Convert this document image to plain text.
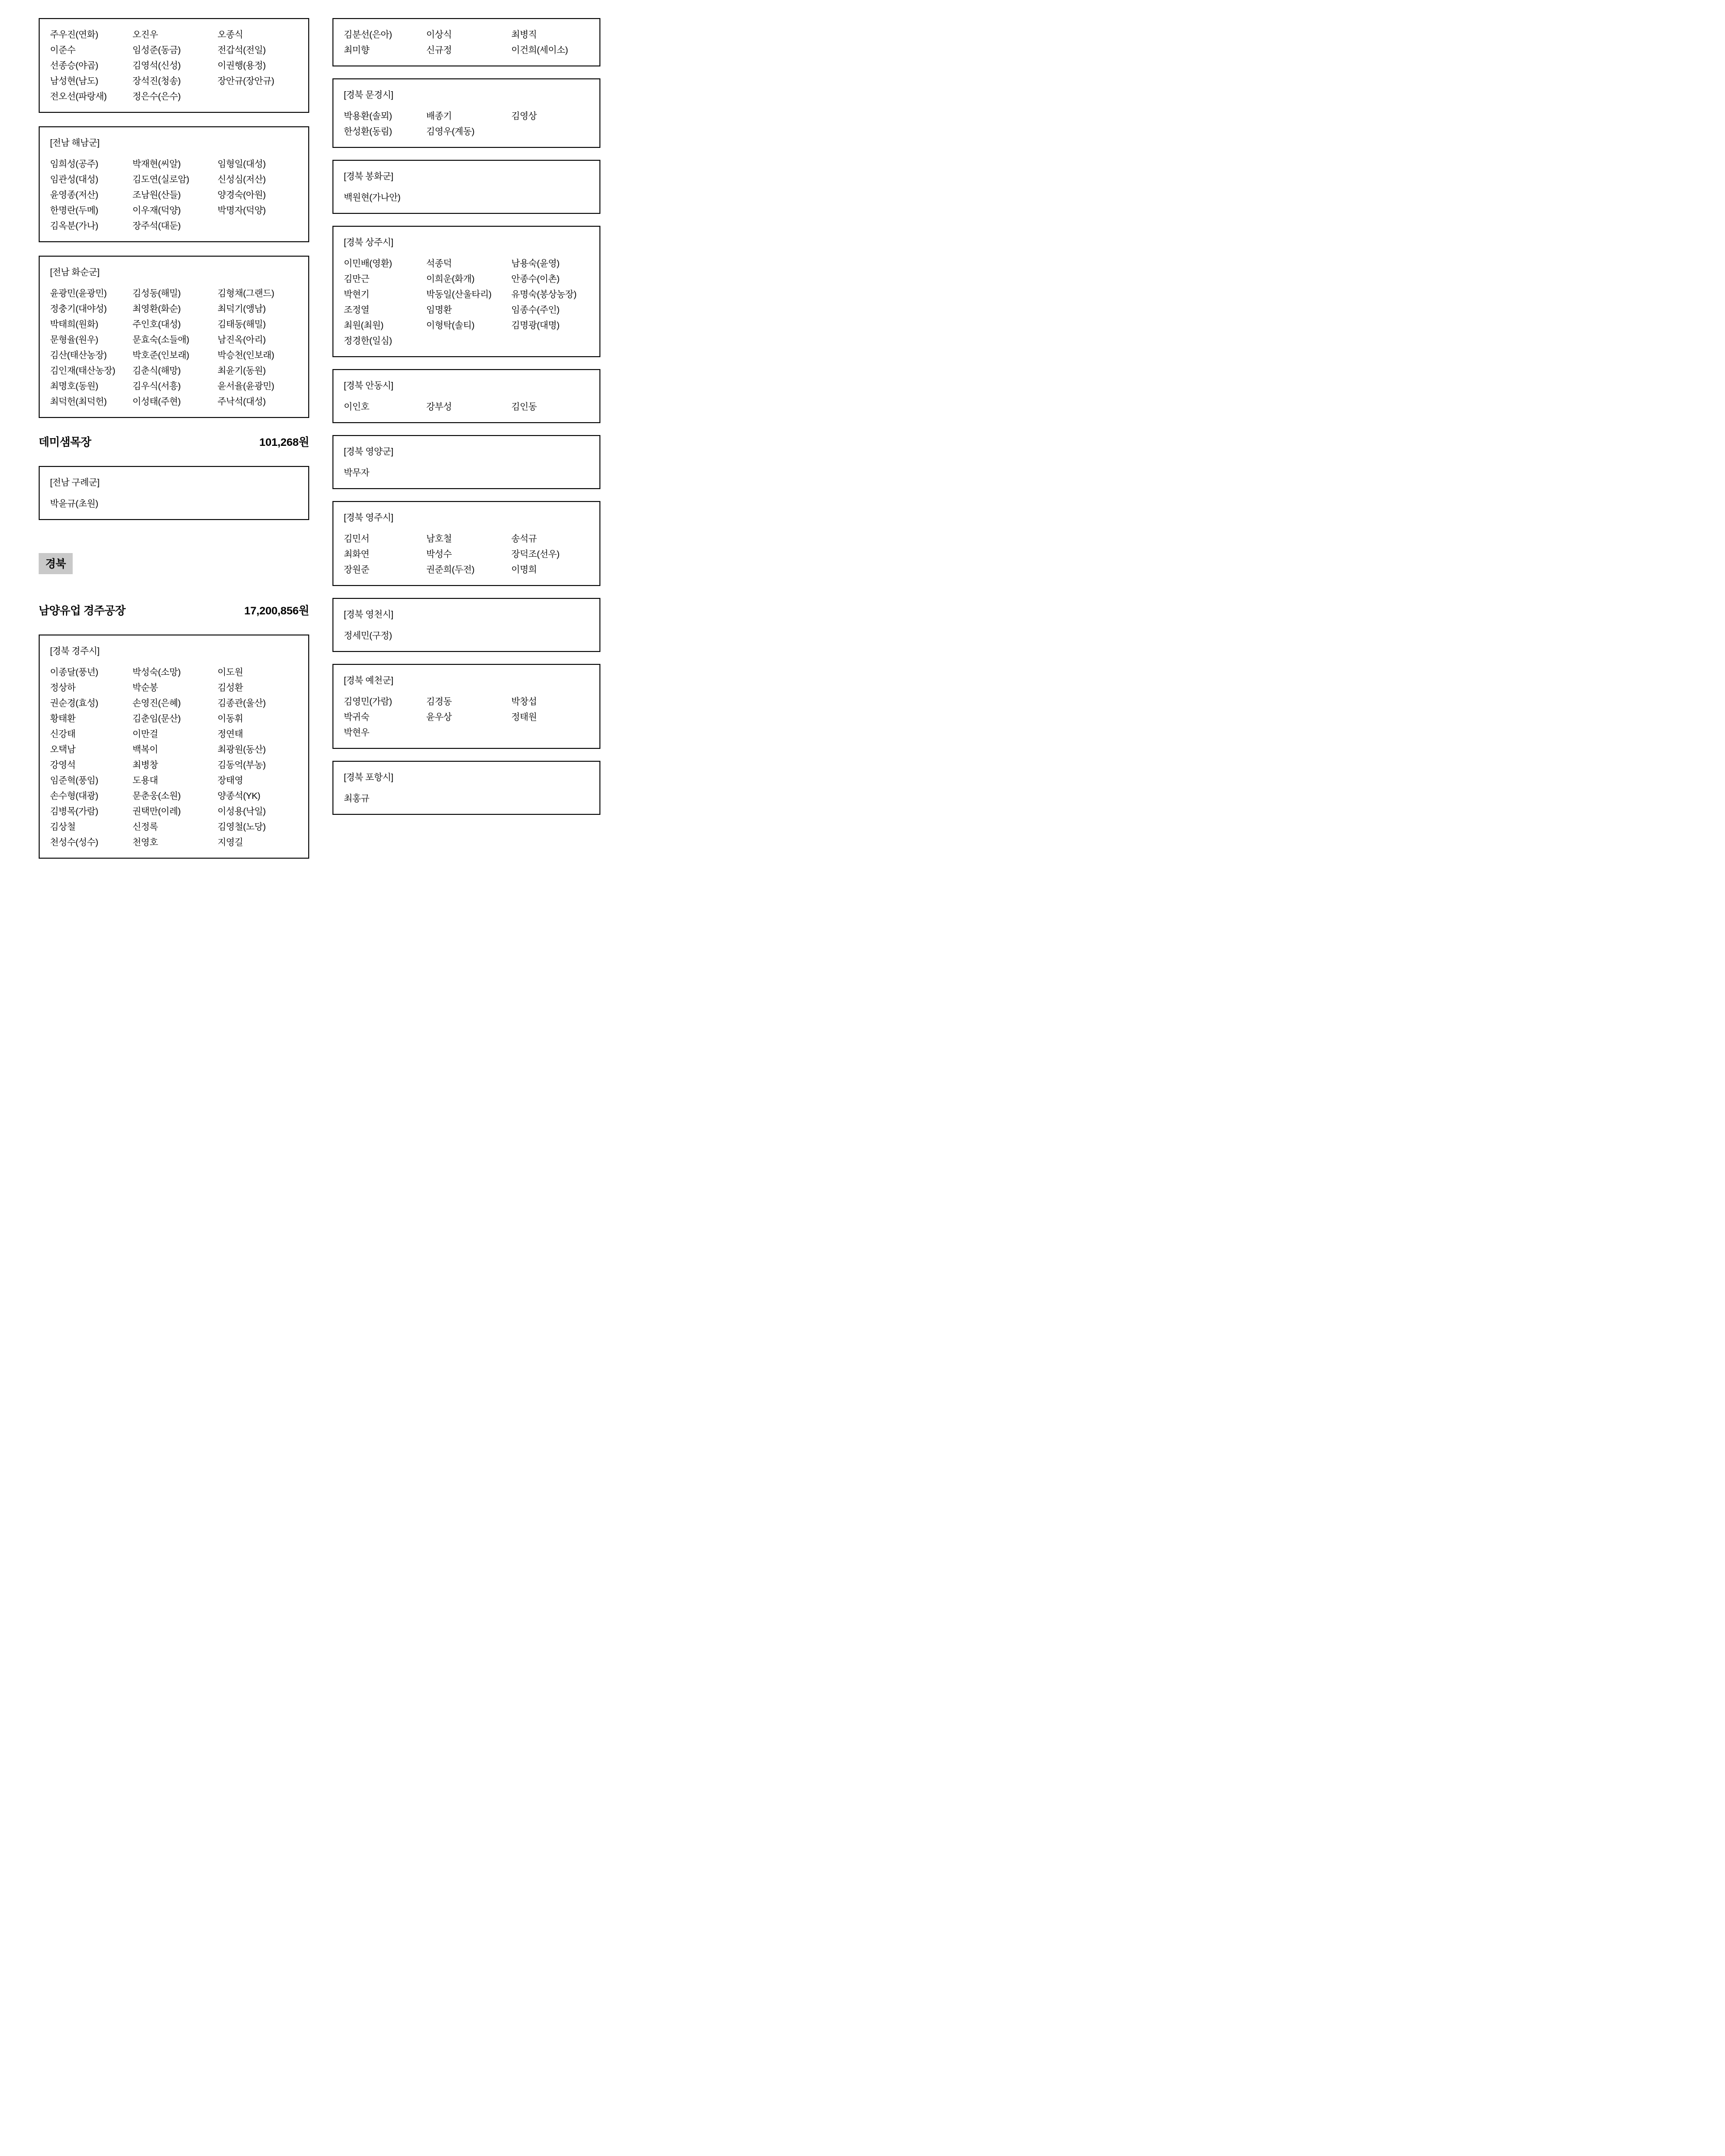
주우진(연화)	오진우	오종식
이준수	임성준(동금)	전갑석(전일)
선종승(야곱)	김영석(신성)	이권행(용정)
남성현(남도)	장석진(청송)	장안규(장안규)
전오선(파랑새)	정은수(은수)
[전남 해남군]
임희성(공주)	박재현(씨알)	임형일(대성)
임관성(대성)	김도연(실로암)	신성심(저산)
윤영종(저산)	조남원(산들)	양경숙(아원)
한명란(두메)	이우재(덕양)	박명자(덕양)
김옥분(가나)	장주석(대둔)
[전남 화순군]
윤광민(윤광민)	김성동(해밀)	김형채(그랜드)
정충기(대야성)	최영환(화순)	최덕기(앵남)
박태희(원화)	주인호(대성)	김태동(해밀)
문형율(원우)	문효숙(소들애)	남진옥(아리)
김산(태산농장)	박호준(인보래)	박승천(인보래)
김인재(태산농장)	김춘식(해망)	최윤기(동원)
최명호(동원)	김우식(서흥)	윤서율(윤광민)
최덕헌(최덕헌)	이성태(주현)	주낙석(대성)
데미샘목장	101,268원
[전남 구례군]
박윤규(초원)
경북
남양유업 경주공장	17,200,856원
[경북 경주시]
이종달(풍년)	박성숙(소망)	이도원
정상하	박순봉	김성환
권순경(효성)	손영진(은혜)	김종관(울산)
황태환	김춘임(문산)	이동휘
신강태	이만걸	정연태
오택남	백복이	최광원(동산)
강영석	최병창	김동억(부농)
임준혁(풍임)	도용대	장태영
손수형(대광)	문춘웅(소원)	양종석(YK)
김병목(가람)	권택만(이레)	이성용(낙일)
김상철	신정록	김영철(노당)
천성수(성수)	천영호	지영길
김분선(은아)	이상식	최병직
최미향	신규정	이건희(세이소)
[경북 문경시]
박용환(솔뫼)	배종기	김영상
한성환(동림)	김영우(계동)
[경북 봉화군]
백원현(가나안)
[경북 상주시]
이민배(영환)	석종덕	남용숙(윤영)
김만근	이희운(화개)	안종수(이촌)
박현기	박동일(산울타리)	유명숙(봉상농장)
조정열	임명환	임종수(주인)
최원(최원)	이형탁(솔티)	김명광(대명)
정경한(일심)
[경북 안동시]
이인호	강부성	김인동
[경북 영양군]
박무자
[경북 영주시]
김민서	남호철	송석규
최화연	박성수	장덕조(선우)
장원준	권준희(두전)	이명희
[경북 영천시]
정세민(구정)
[경북 예천군]
김영민(가람)	김경동	박창섭
박귀숙	윤우상	정태원
박현우
[경북 포항시]
최홍규
